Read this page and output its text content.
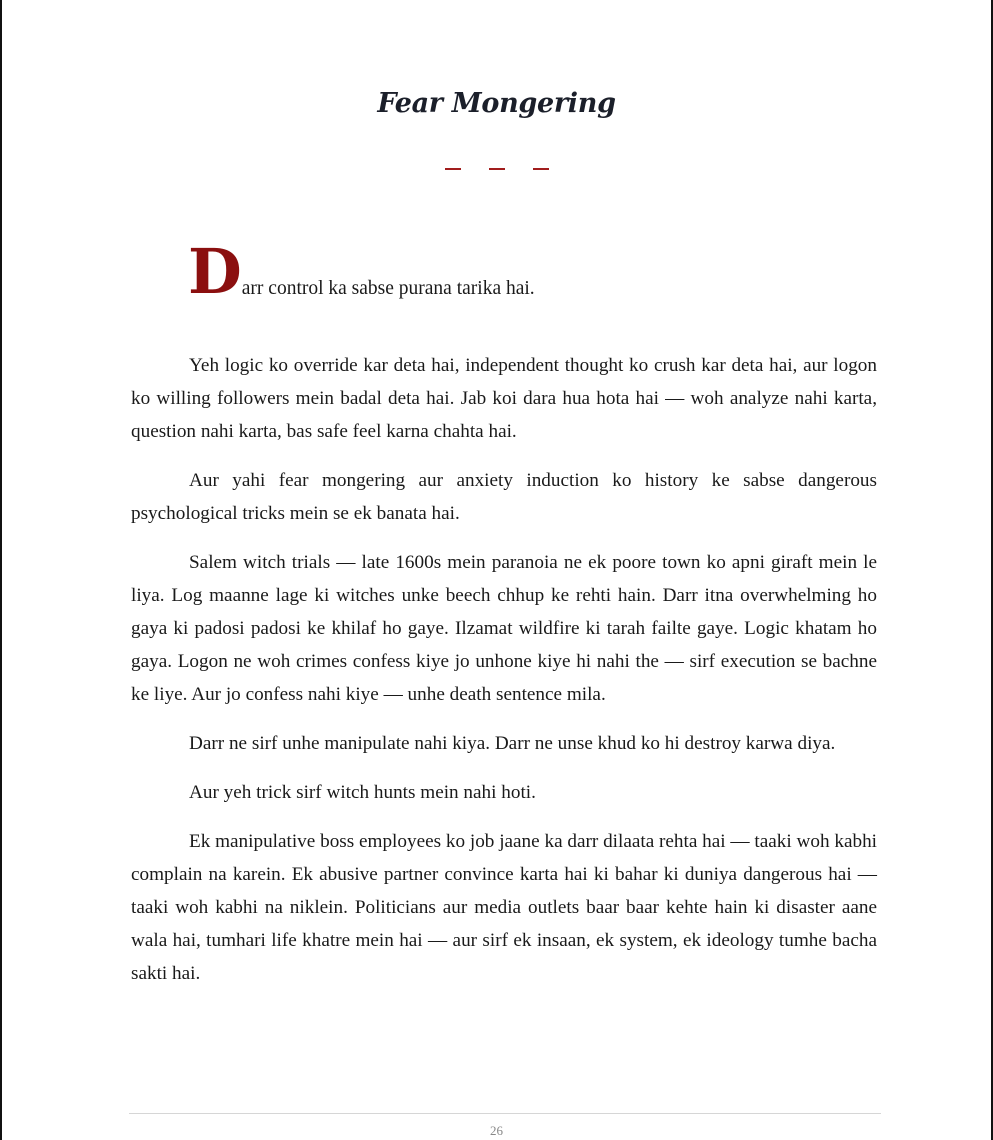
Fear Mongering
D arr control ka sabse purana tarika hai.

Yeh logic ko override kar deta hai, independent thought ko crush kar deta hai, aur logon ko willing followers mein badal deta hai. Jab koi dara hua hota hai — woh analyze nahi karta, question nahi karta, bas safe feel karna chahta hai.

Aur yahi fear mongering aur anxiety induction ko history ke sabse dangerous psychological tricks mein se ek banata hai.

Salem witch trials — late 1600s mein paranoia ne ek poore town ko apni giraft mein le liya. Log maanne lage ki witches unke beech chhup ke rehti hain. Darr itna overwhelming ho gaya ki padosi padosi ke khilaf ho gaye. Ilzamat wildfire ki tarah failte gaye. Logic khatam ho gaya. Logon ne woh crimes confess kiye jo unhone kiye hi nahi the — sirf execution se bachne ke liye. Aur jo confess nahi kiye — unhe death sentence mila.

Darr ne sirf unhe manipulate nahi kiya. Darr ne unse khud ko hi destroy karwa diya.

Aur yeh trick sirf witch hunts mein nahi hoti.

Ek manipulative boss employees ko job jaane ka darr dilaata rehta hai — taaki woh kabhi complain na karein. Ek abusive partner convince karta hai ki bahar ki duniya dangerous hai — taaki woh kabhi na niklein. Politicians aur media outlets baar baar kehte hain ki disaster aane wala hai, tumhari life khatre mein hai — aur sirf ek insaan, ek system, ek ideology tumhe bacha sakti hai.

26
